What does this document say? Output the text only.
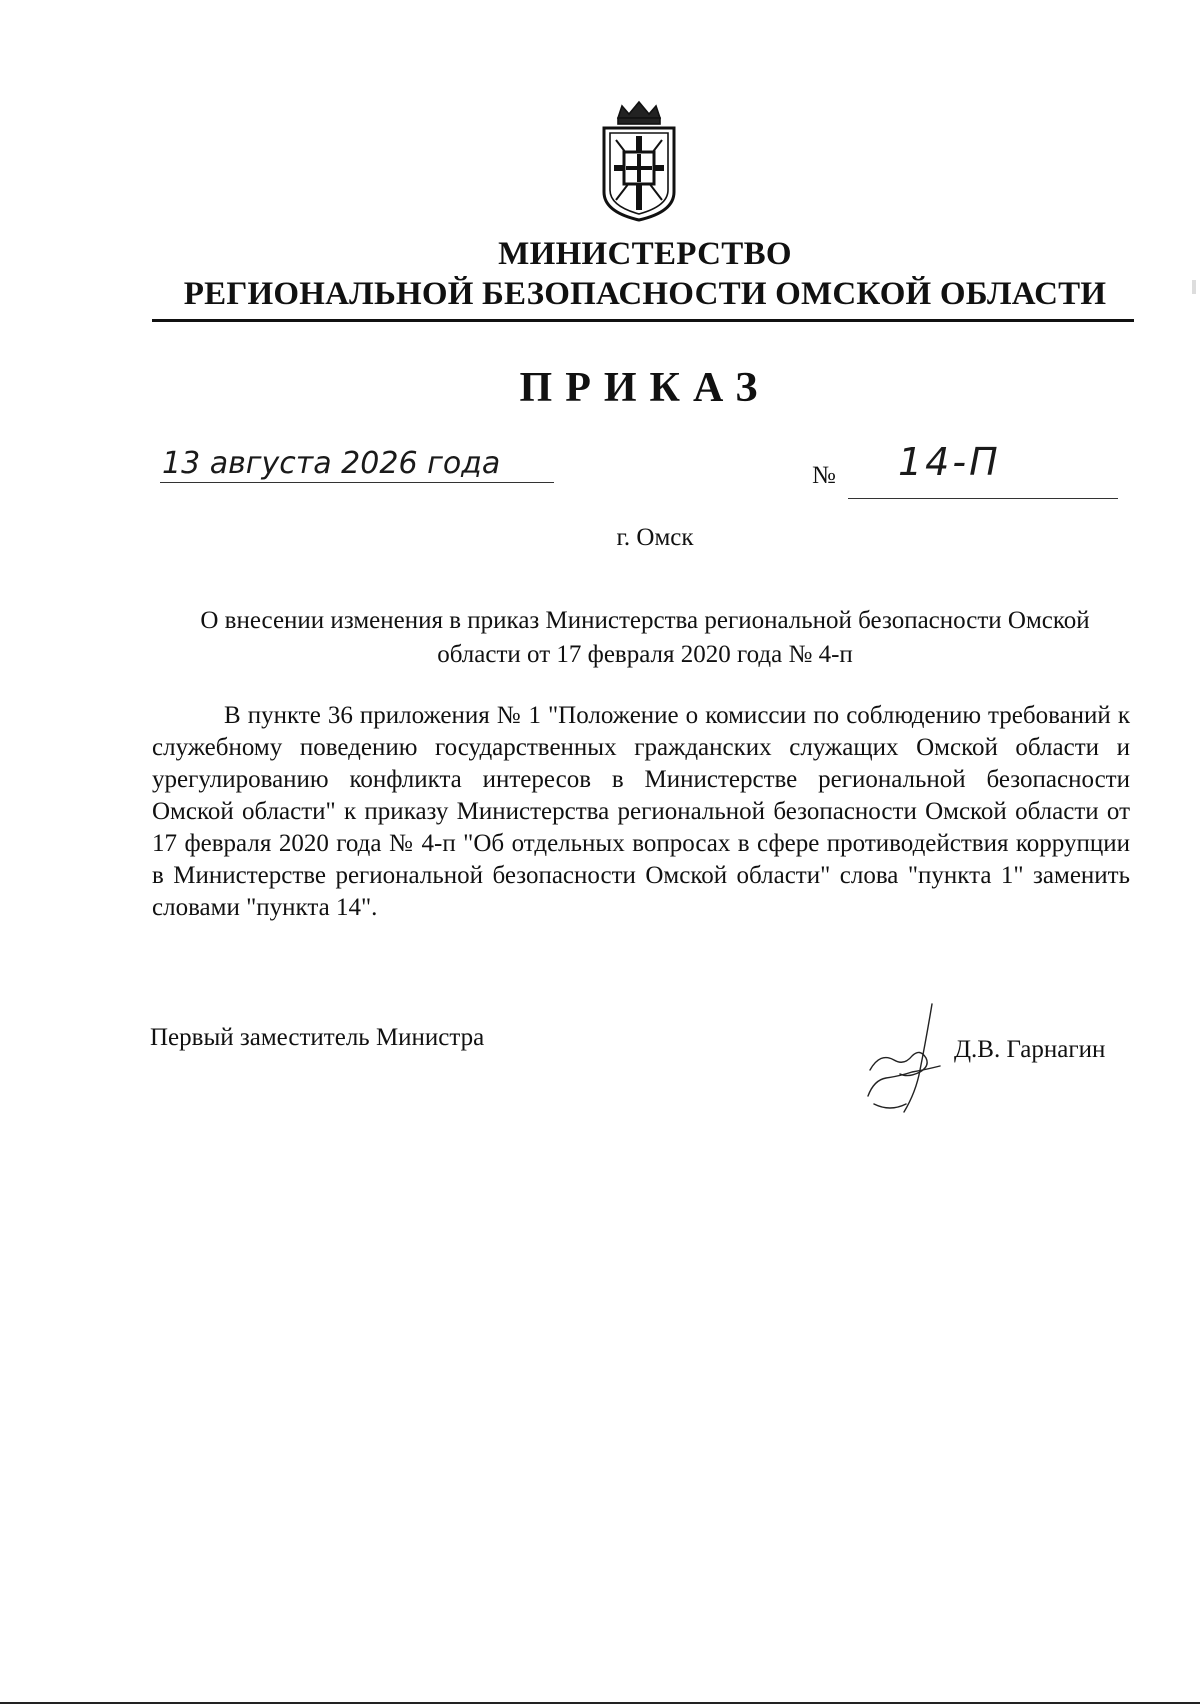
МИНИСТЕРСТВО
РЕГИОНАЛЬНОЙ БЕЗОПАСНОСТИ ОМСКОЙ ОБЛАСТИ
ПРИКАЗ
13 августа 2026 года	№ 14-П
г. Омск
О внесении изменения в приказ Министерства региональной безопасности Омской области от 17 февраля 2020 года № 4-п
В пункте 36 приложения № 1 "Положение о комиссии по соблюдению требований к служебному поведению государственных гражданских служащих Омской области и урегулированию конфликта интересов в Министерстве региональной безопасности Омской области" к приказу Министерства региональной безопасности Омской области от 17 февраля 2020 года № 4-п "Об отдельных вопросах в сфере противодействия коррупции в Министерстве региональной безопасности Омской области" слова "пункта 1" заменить словами "пункта 14".
Первый заместитель Министра	Д.В. Гарнагин
